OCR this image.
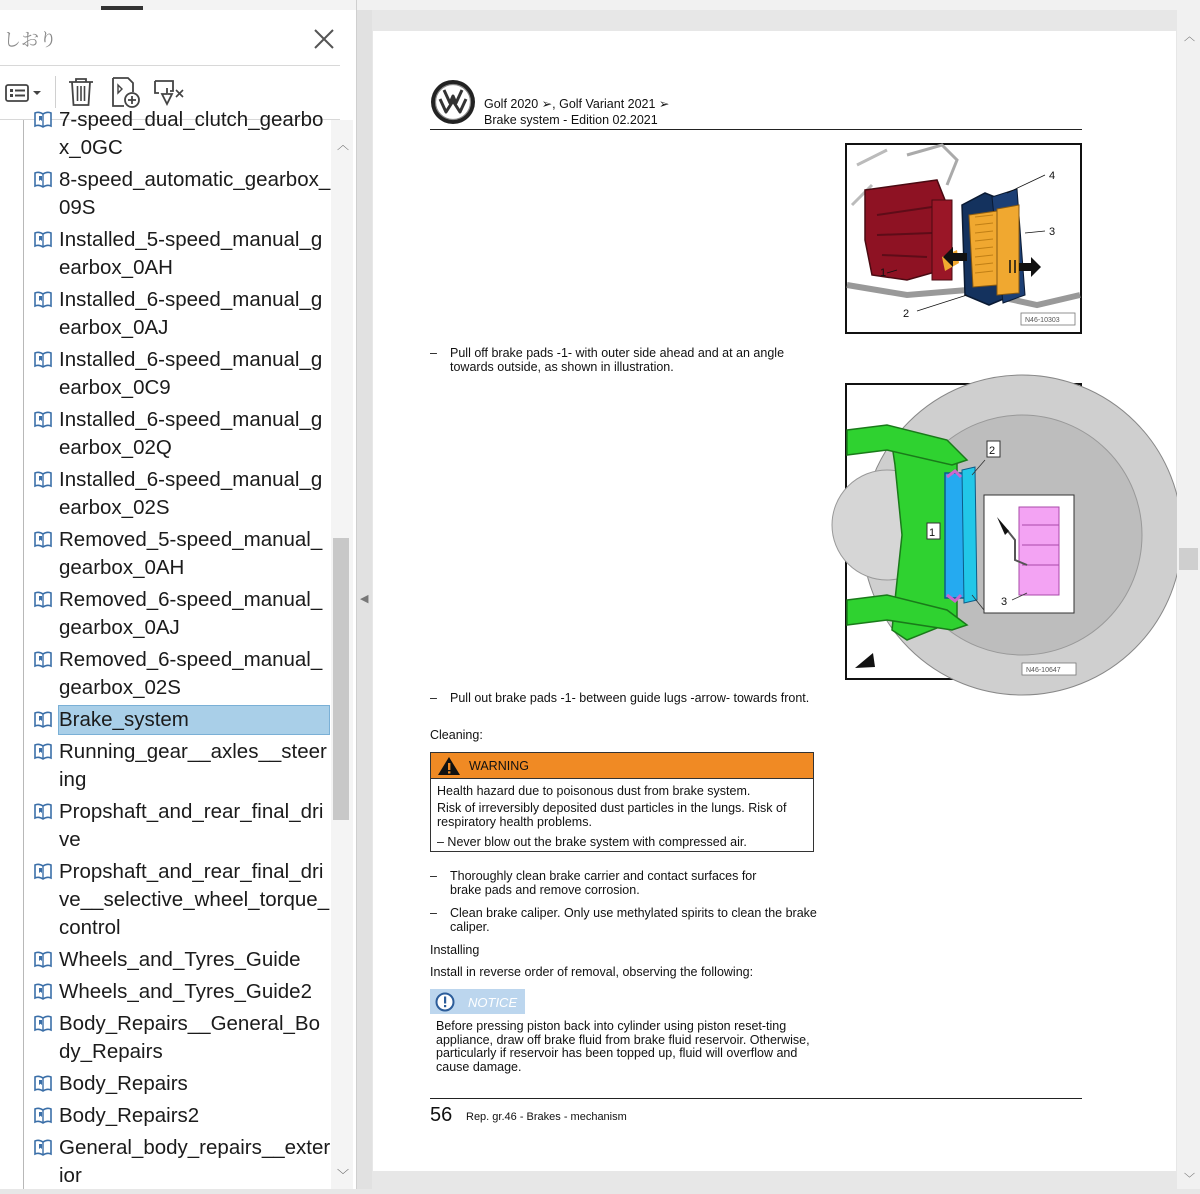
しおり
7-speed_dual_clutch_gearbox_0GC
8-speed_automatic_gearbox_09S
Installed_5-speed_manual_gearbox_0AH
Installed_6-speed_manual_gearbox_0AJ
Installed_6-speed_manual_gearbox_0C9
Installed_6-speed_manual_gearbox_02Q
Installed_6-speed_manual_gearbox_02S
Removed_5-speed_manual_gearbox_0AH
Removed_6-speed_manual_gearbox_0AJ
Removed_6-speed_manual_gearbox_02S
Brake_system
Running_gear__axles__steering
Propshaft_and_rear_final_drive
Propshaft_and_rear_final_drive__selective_wheel_torque_control
Wheels_and_Tyres_Guide
Wheels_and_Tyres_Guide2
Body_Repairs__General_Body_Repairs
Body_Repairs
Body_Repairs2
General_body_repairs__exterior
︿
﹀
◀
Golf 2020 ➢, Golf Variant 2021 ➢
Brake system - Edition 02.2021
1
2
3
4
N46-10303
– Pull off brake pads -1- with outer side ahead and at an angle towards outside, as shown in illustration.
2
1
3
N46-10647
– Pull out brake pads -1- between guide lugs -arrow- towards front.
Cleaning:
WARNING
Health hazard due to poisonous dust from brake system.
Risk of irreversibly deposited dust particles in the lungs. Risk of respiratory health problems.
– Never blow out the brake system with compressed air.
– Thoroughly clean brake carrier and contact surfaces for brake pads and remove corrosion.
– Clean brake caliper. Only use methylated spirits to clean the brake caliper.
Installing
Install in reverse order of removal, observing the following:
NOTICE
Before pressing piston back into cylinder using piston reset-ting appliance, draw off brake fluid from brake fluid reservoir. Otherwise, particularly if reservoir has been topped up, fluid will overflow and cause damage.
56 Rep. gr.46 - Brakes - mechanism
︿
﹀
